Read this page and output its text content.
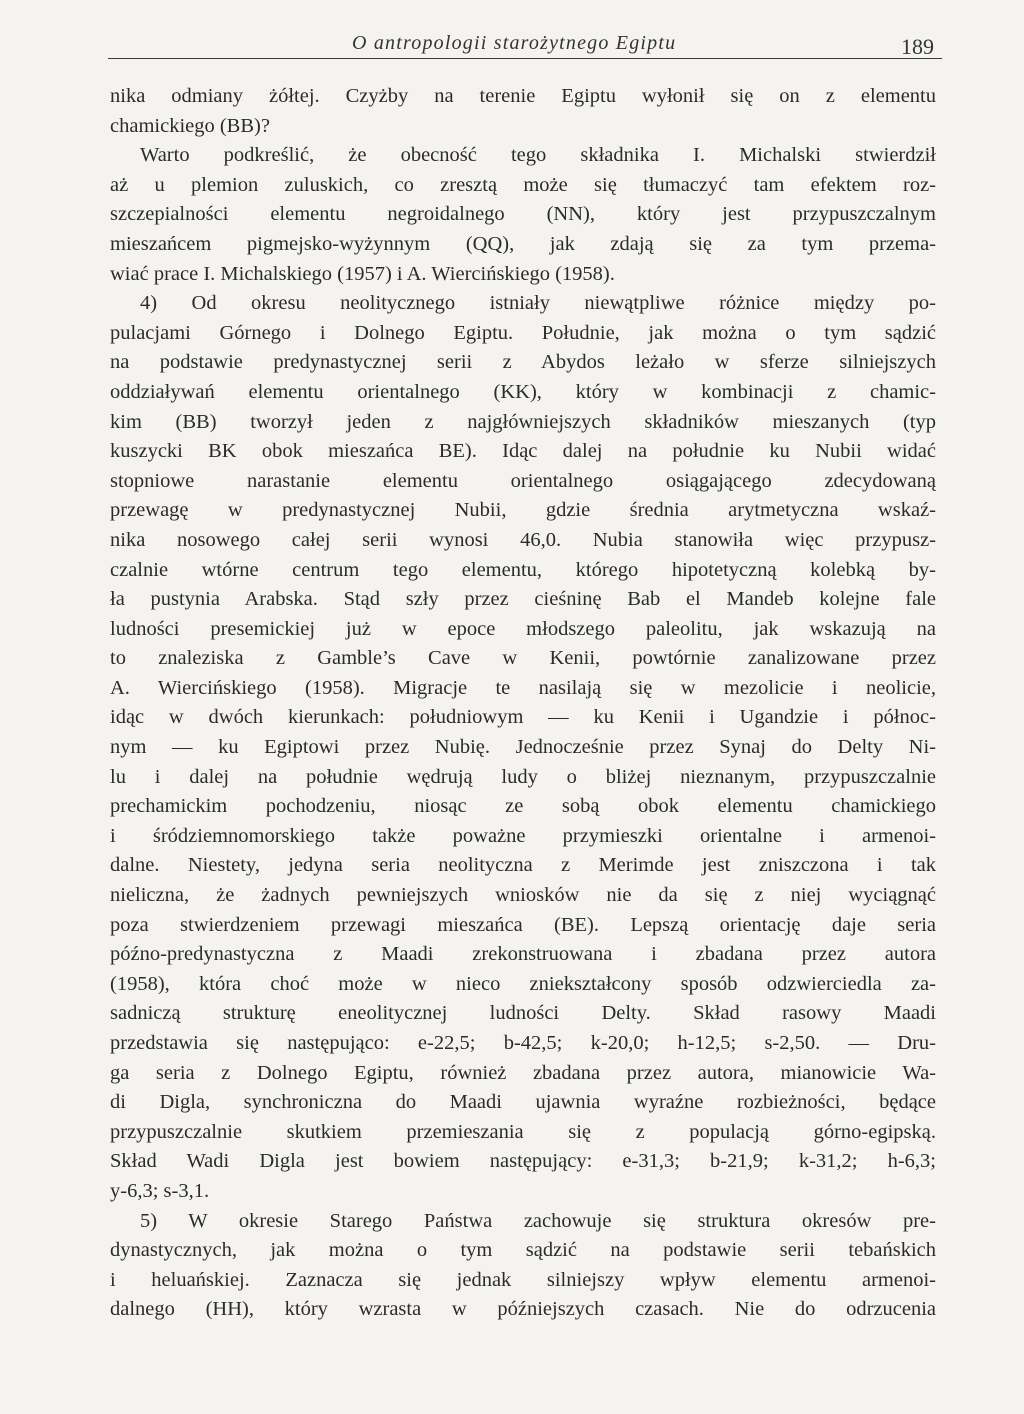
O antropologii starożytnego Egiptu	189
nika odmiany żółtej. Czyżby na terenie Egiptu wyłonił się on z elementu
chamickiego (BB)?
Warto podkreślić, że obecność tego składnika I. Michalski stwierdził
aż u plemion zuluskich, co zresztą może się tłumaczyć tam efektem roz-
szczepialności elementu negroidalnego (NN), który jest przypuszczalnym
mieszańcem pigmejsko-wyżynnym (QQ), jak zdają się za tym przema-
wiać prace I. Michalskiego (1957) i A. Wiercińskiego (1958).
4) Od okresu neolitycznego istniały niewątpliwe różnice między po-
pulacjami Górnego i Dolnego Egiptu. Południe, jak można o tym sądzić
na podstawie predynastycznej serii z Abydos leżało w sferze silniejszych
oddziaływań elementu orientalnego (KK), który w kombinacji z chamic-
kim (BB) tworzył jeden z najgłówniejszych składników mieszanych (typ
kuszycki BK obok mieszańca BE). Idąc dalej na południe ku Nubii widać
stopniowe narastanie elementu orientalnego osiągającego zdecydowaną
przewagę w predynastycznej Nubii, gdzie średnia arytmetyczna wskaź-
nika nosowego całej serii wynosi 46,0. Nubia stanowiła więc przypusz-
czalnie wtórne centrum tego elementu, którego hipotetyczną kolebką by-
ła pustynia Arabska. Stąd szły przez cieśninę Bab el Mandeb kolejne fale
ludności presemickiej już w epoce młodszego paleolitu, jak wskazują na
to znaleziska z Gamble’s Cave w Kenii, powtórnie zanalizowane przez
A. Wiercińskiego (1958). Migracje te nasilają się w mezolicie i neolicie,
idąc w dwóch kierunkach: południowym — ku Kenii i Ugandzie i północ-
nym — ku Egiptowi przez Nubię. Jednocześnie przez Synaj do Delty Ni-
lu i dalej na południe wędrują ludy o bliżej nieznanym, przypuszczalnie
prechamickim pochodzeniu, niosąc ze sobą obok elementu chamickiego
i śródziemnomorskiego także poważne przymieszki orientalne i armenoi-
dalne. Niestety, jedyna seria neolityczna z Merimde jest zniszczona i tak
nieliczna, że żadnych pewniejszych wniosków nie da się z niej wyciągnąć
poza stwierdzeniem przewagi mieszańca (BE). Lepszą orientację daje seria
późno-predynastyczna z Maadi zrekonstruowana i zbadana przez autora
(1958), która choć może w nieco zniekształcony sposób odzwierciedla za-
sadniczą strukturę eneolitycznej ludności Delty. Skład rasowy Maadi
przedstawia się następująco: e-22,5; b-42,5; k-20,0; h-12,5; s-2,50. — Dru-
ga seria z Dolnego Egiptu, również zbadana przez autora, mianowicie Wa-
di Digla, synchroniczna do Maadi ujawnia wyraźne rozbieżności, będące
przypuszczalnie skutkiem przemieszania się z populacją górno-egipską.
Skład Wadi Digla jest bowiem następujący: e-31,3; b-21,9; k-31,2; h-6,3;
y-6,3; s-3,1.
5) W okresie Starego Państwa zachowuje się struktura okresów pre-
dynastycznych, jak można o tym sądzić na podstawie serii tebańskich
i heluańskiej. Zaznacza się jednak silniejszy wpływ elementu armenoi-
dalnego (HH), który wzrasta w późniejszych czasach. Nie do odrzucenia
